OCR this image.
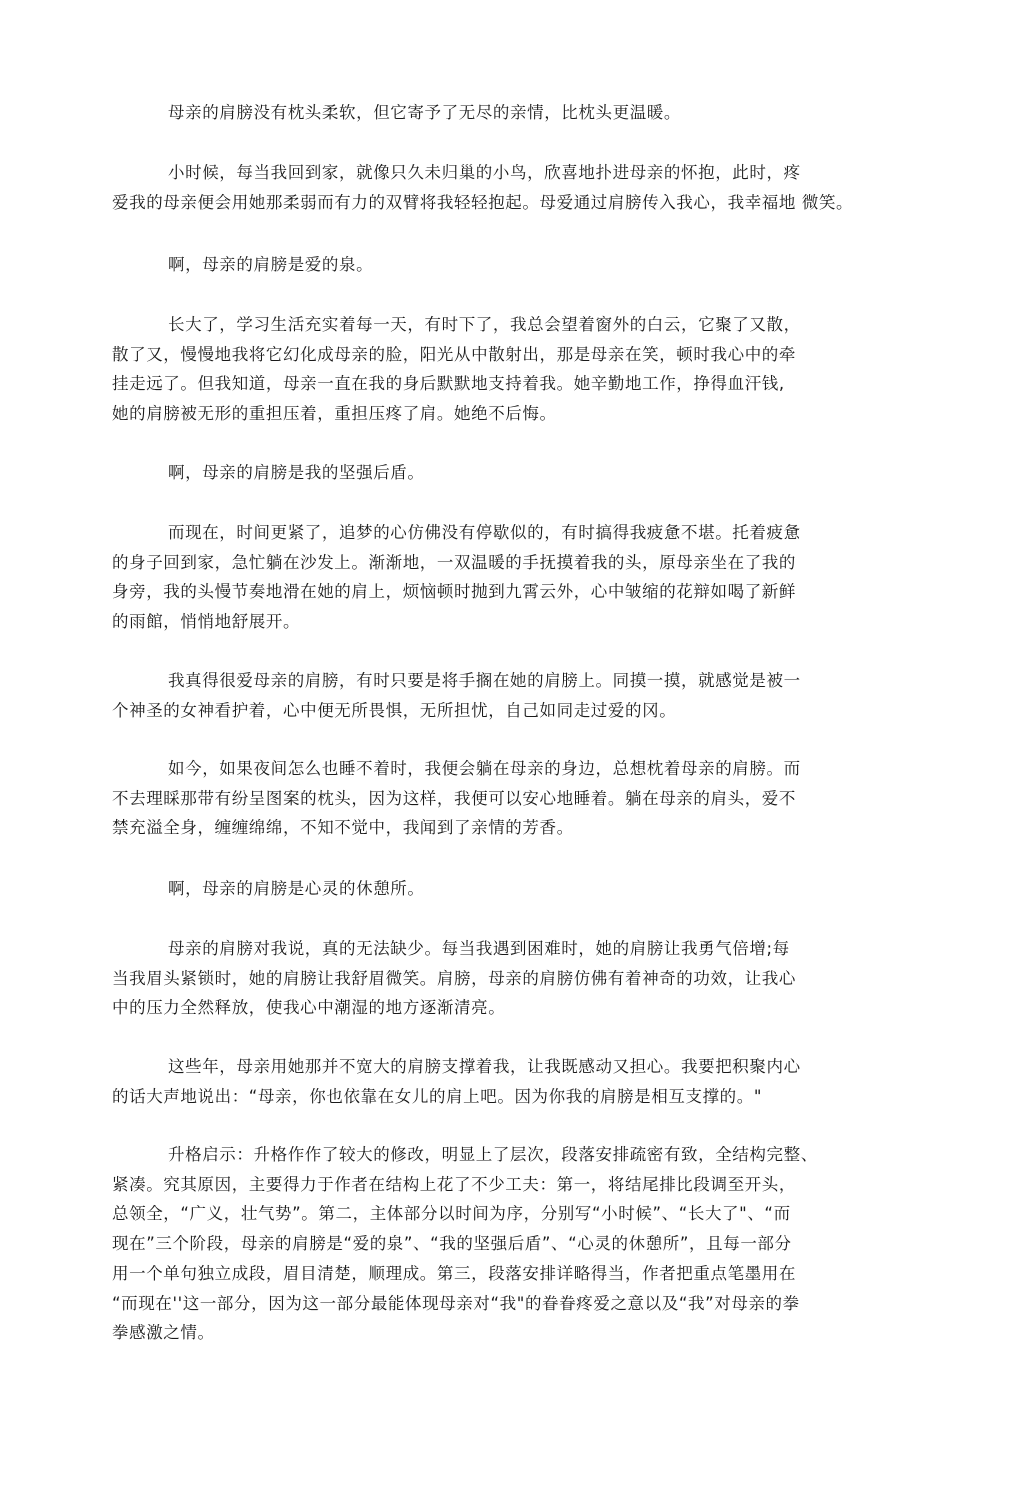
母亲的肩膀没有枕头柔软，但它寄予了无尽的亲情，比枕头更温暖。
小时候，每当我回到家，就像只久未归巢的小鸟，欣喜地扑进母亲的怀抱，此时，疼
爱我的母亲便会用她那柔弱而有力的双臂将我轻轻抱起。母爱通过肩膀传入我心，我幸福地 微笑。
啊，母亲的肩膀是爱的泉。
长大了，学习生活充实着每一天，有时下了，我总会望着窗外的白云，它聚了又散，
散了又，慢慢地我将它幻化成母亲的脸，阳光从中散射出，那是母亲在笑，顿时我心中的牵
挂走远了。但我知道，母亲一直在我的身后默默地支持着我。她辛勤地工作，挣得血汗钱,
她的肩膀被无形的重担压着，重担压疼了肩。她绝不后悔。
啊，母亲的肩膀是我的坚强后盾。
而现在，时间更紧了，追梦的心仿佛没有停歇似的，有时搞得我疲惫不堪。托着疲惫
的身子回到家，急忙躺在沙发上。渐渐地，一双温暖的手抚摸着我的头，原母亲坐在了我的
身旁，我的头慢节奏地滑在她的肩上，烦恼顿时抛到九霄云外，心中皱缩的花辩如喝了新鲜
的雨館，悄悄地舒展开。
我真得很爱母亲的肩膀，有时只要是将手搁在她的肩膀上。同摸一摸，就感觉是被一
个神圣的女神看护着，心中便无所畏惧，无所担忧，自己如同走过爱的冈。
如今，如果夜间怎么也睡不着时，我便会躺在母亲的身边，总想枕着母亲的肩膀。而
不去理睬那带有纷呈图案的枕头，因为这样，我便可以安心地睡着。躺在母亲的肩头，爱不
禁充溢全身，缠缠绵绵，不知不觉中，我闻到了亲情的芳香。
啊，母亲的肩膀是心灵的休憩所。
母亲的肩膀对我说，真的无法缺少。每当我遇到困难时，她的肩膀让我勇气倍增;每
当我眉头紧锁时，她的肩膀让我舒眉微笑。肩膀，母亲的肩膀仿佛有着神奇的功效，让我心
中的压力全然释放，使我心中潮湿的地方逐渐清亮。
这些年，母亲用她那并不宽大的肩膀支撑着我，让我既感动又担心。我要把积聚内心
的话大声地说出：“母亲，你也依靠在女儿的肩上吧。因为你我的肩膀是相互支撑的。"
升格启示：升格作作了较大的修改，明显上了层次，段落安排疏密有致，全结构完整、
紧凑。究其原因，主要得力于作者在结构上花了不少工夫：第一，将结尾排比段调至开头，
总领全，“广义，壮气势”。第二，主体部分以时间为序，分别写“小时候”、“长大了"、“而
现在”三个阶段，母亲的肩膀是“爱的泉”、“我的坚强后盾”、“心灵的休憩所”，且每一部分
用一个单句独立成段，眉目清楚，顺理成。第三，段落安排详略得当，作者把重点笔墨用在
“而现在''这一部分，因为这一部分最能体现母亲对“我"的眷眷疼爱之意以及“我”对母亲的拳
拳感激之情。
